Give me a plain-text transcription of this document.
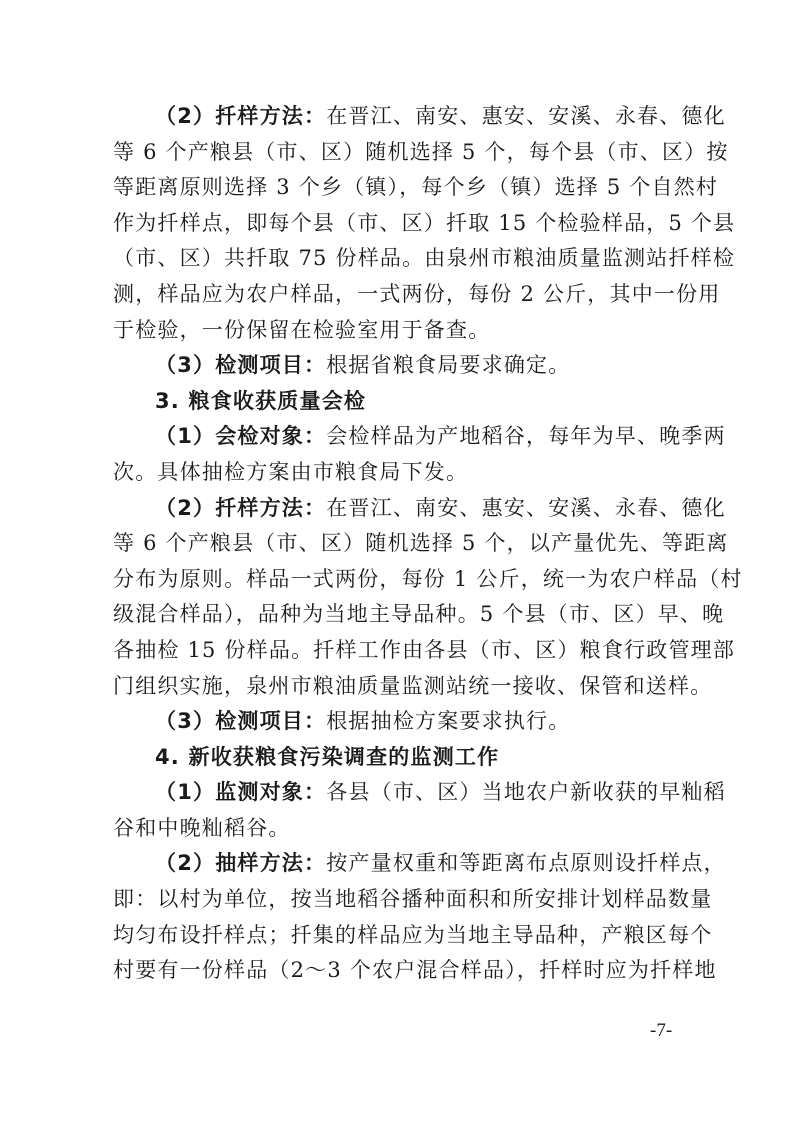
（2）扦样方法：在晋江、南安、惠安、安溪、永春、德化
等 6 个产粮县（市、区）随机选择 5 个，每个县（市、区）按
等距离原则选择 3 个乡（镇），每个乡（镇）选择 5 个自然村
作为扦样点，即每个县（市、区）扦取 15 个检验样品，5 个县
（市、区）共扦取 75 份样品。由泉州市粮油质量监测站扦样检
测，样品应为农户样品，一式两份，每份 2 公斤，其中一份用
于检验，一份保留在检验室用于备查。
（3）检测项目：根据省粮食局要求确定。
3. 粮食收获质量会检
（1）会检对象：会检样品为产地稻谷，每年为早、晚季两
次。具体抽检方案由市粮食局下发。
（2）扦样方法：在晋江、南安、惠安、安溪、永春、德化
等 6 个产粮县（市、区）随机选择 5 个，以产量优先、等距离
分布为原则。样品一式两份，每份 1 公斤，统一为农户样品（村
级混合样品），品种为当地主导品种。5 个县（市、区）早、晚
各抽检 15 份样品。扦样工作由各县（市、区）粮食行政管理部
门组织实施，泉州市粮油质量监测站统一接收、保管和送样。
（3）检测项目：根据抽检方案要求执行。
4. 新收获粮食污染调查的监测工作
（1）监测对象：各县（市、区）当地农户新收获的早籼稻
谷和中晚籼稻谷。
（2）抽样方法：按产量权重和等距离布点原则设扦样点，
即：以村为单位，按当地稻谷播种面积和所安排计划样品数量
均匀布设扦样点；扦集的样品应为当地主导品种，产粮区每个
村要有一份样品（2～3 个农户混合样品），扦样时应为扦样地
-7-
